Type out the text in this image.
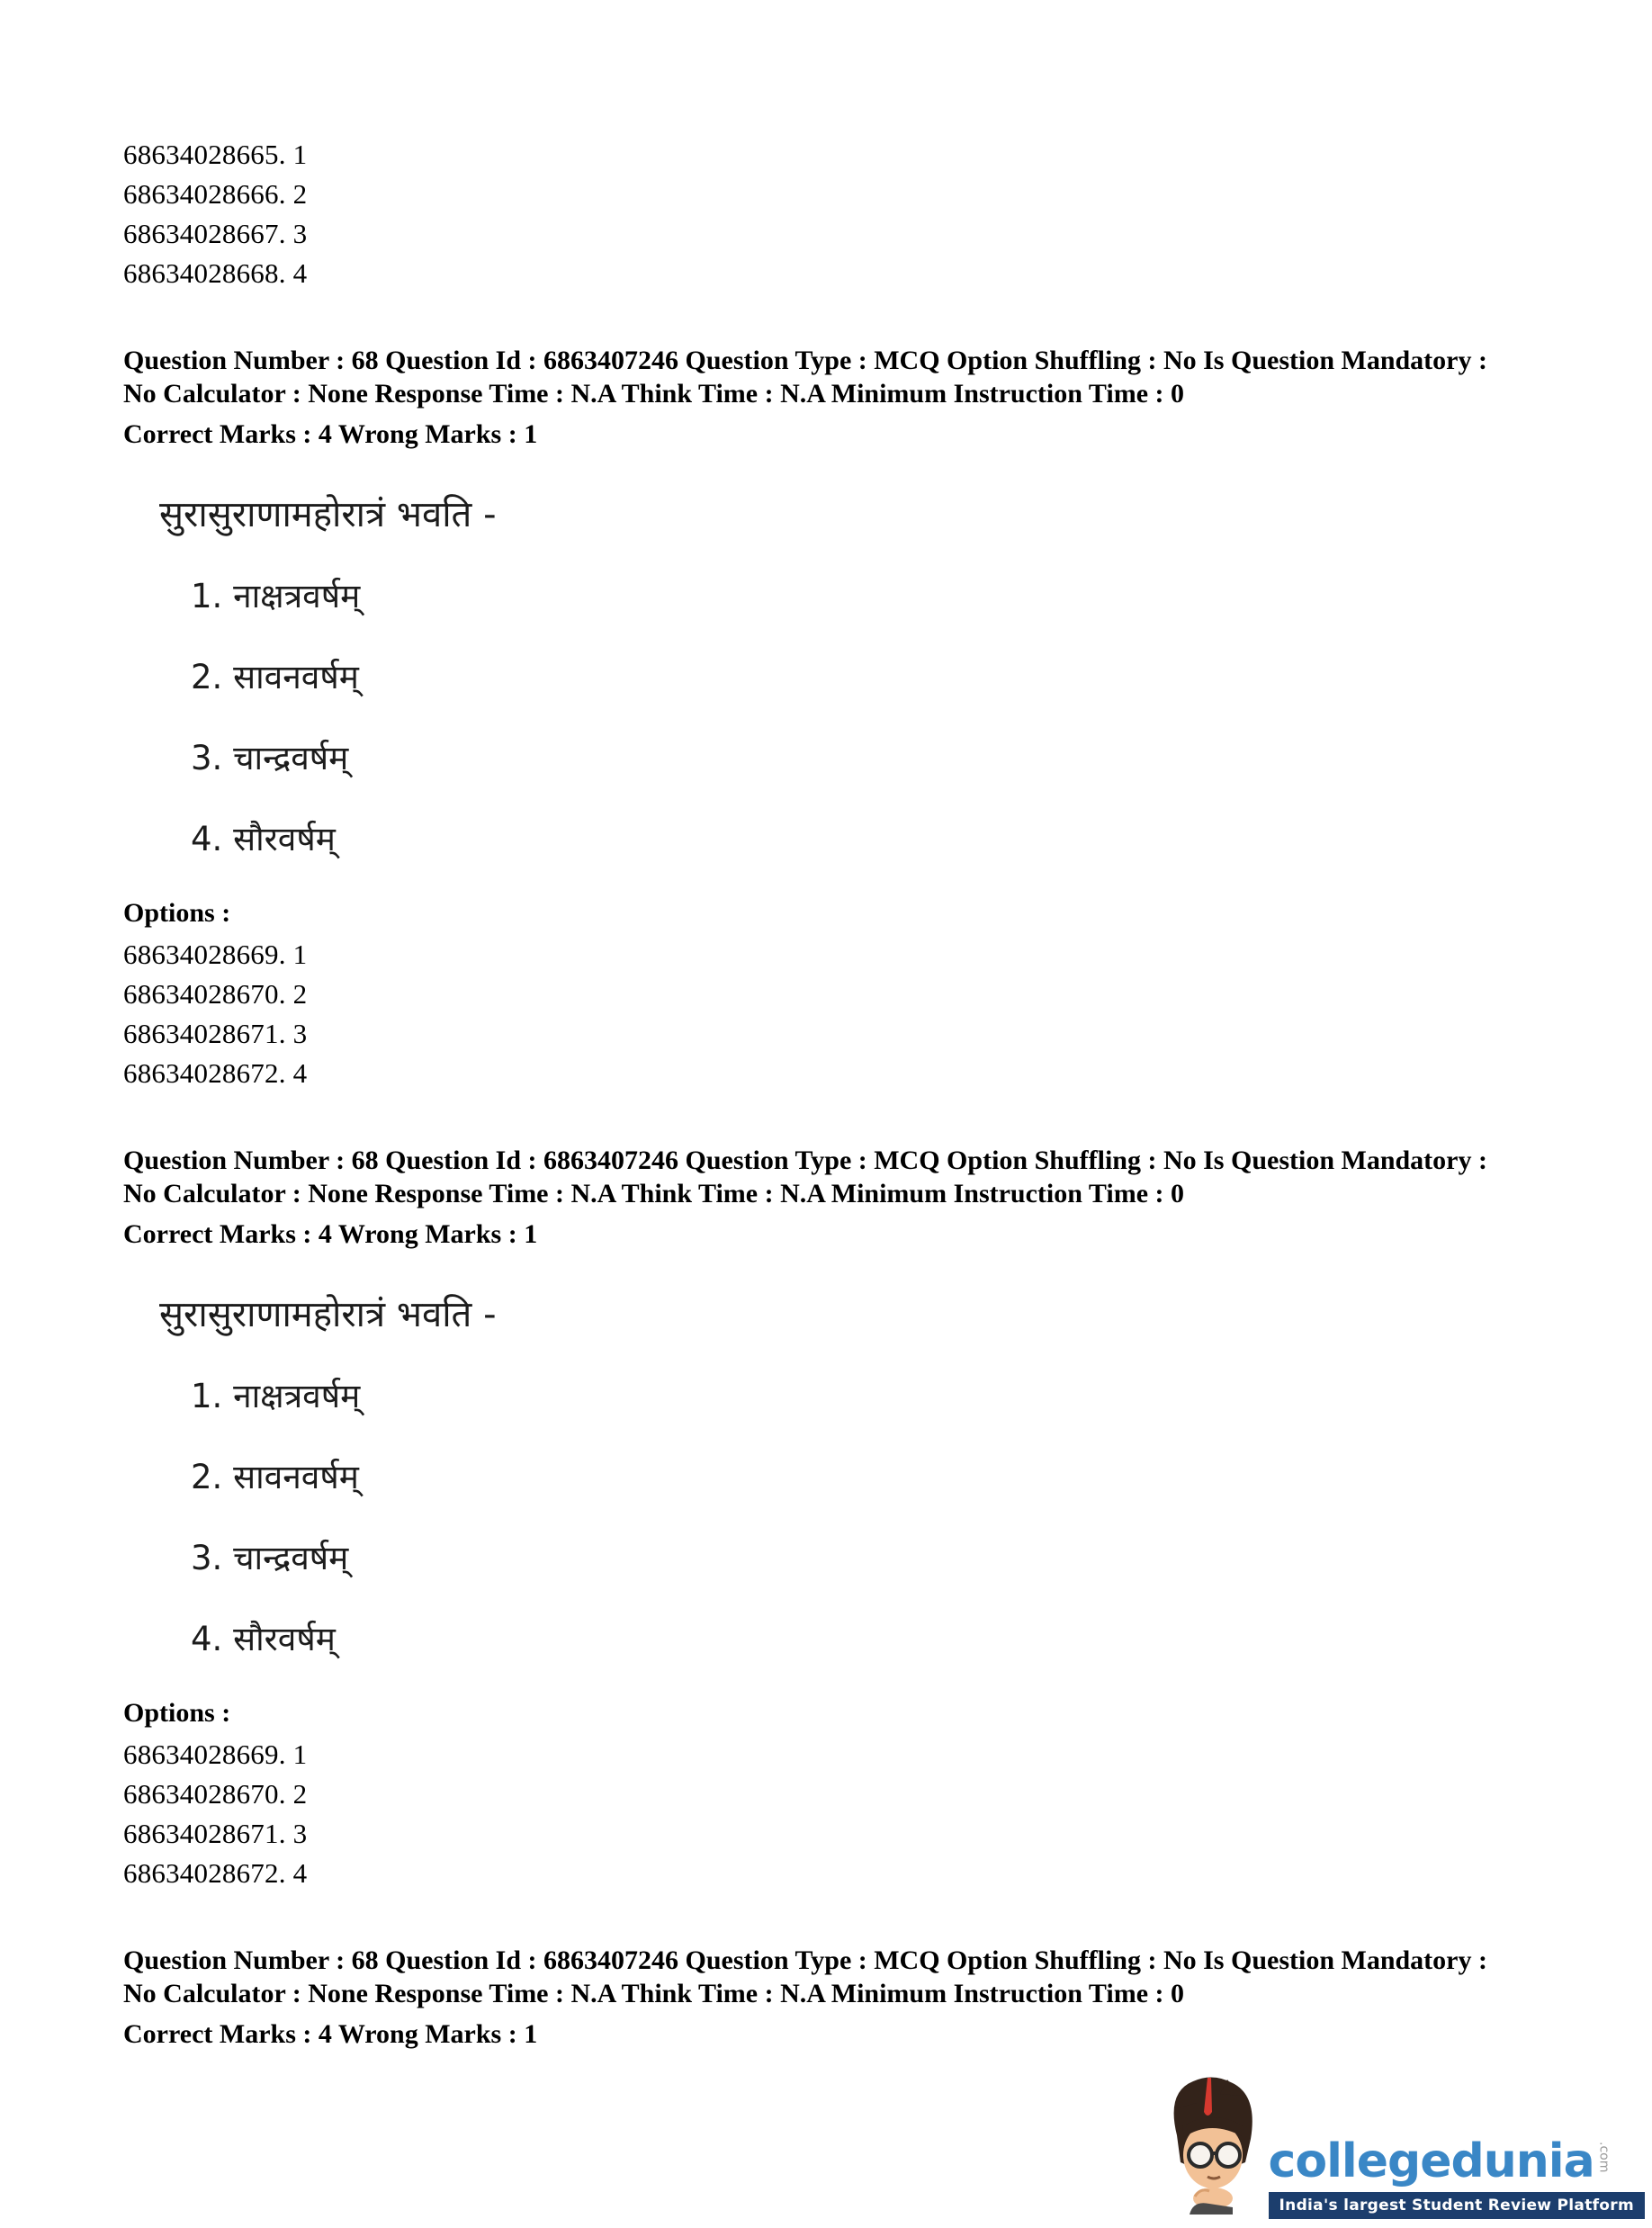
68634028665. 1
68634028666. 2
68634028667. 3
68634028668. 4
Question Number : 68 Question Id : 6863407246 Question Type : MCQ Option Shuffling : No Is Question Mandatory :
No Calculator : None Response Time : N.A Think Time : N.A Minimum Instruction Time : 0
Correct Marks : 4 Wrong Marks : 1
सुरासुराणामहोरात्रं भवति -
1. नाक्षत्रवर्षम्
2. सावनवर्षम्
3. चान्द्रवर्षम्
4. सौरवर्षम्
Options :
68634028669. 1
68634028670. 2
68634028671. 3
68634028672. 4
Question Number : 68 Question Id : 6863407246 Question Type : MCQ Option Shuffling : No Is Question Mandatory :
No Calculator : None Response Time : N.A Think Time : N.A Minimum Instruction Time : 0
Correct Marks : 4 Wrong Marks : 1
सुरासुराणामहोरात्रं भवति -
1. नाक्षत्रवर्षम्
2. सावनवर्षम्
3. चान्द्रवर्षम्
4. सौरवर्षम्
Options :
68634028669. 1
68634028670. 2
68634028671. 3
68634028672. 4
Question Number : 68 Question Id : 6863407246 Question Type : MCQ Option Shuffling : No Is Question Mandatory :
No Calculator : None Response Time : N.A Think Time : N.A Minimum Instruction Time : 0
Correct Marks : 4 Wrong Marks : 1
collegedunia .com
India's largest Student Review Platform
